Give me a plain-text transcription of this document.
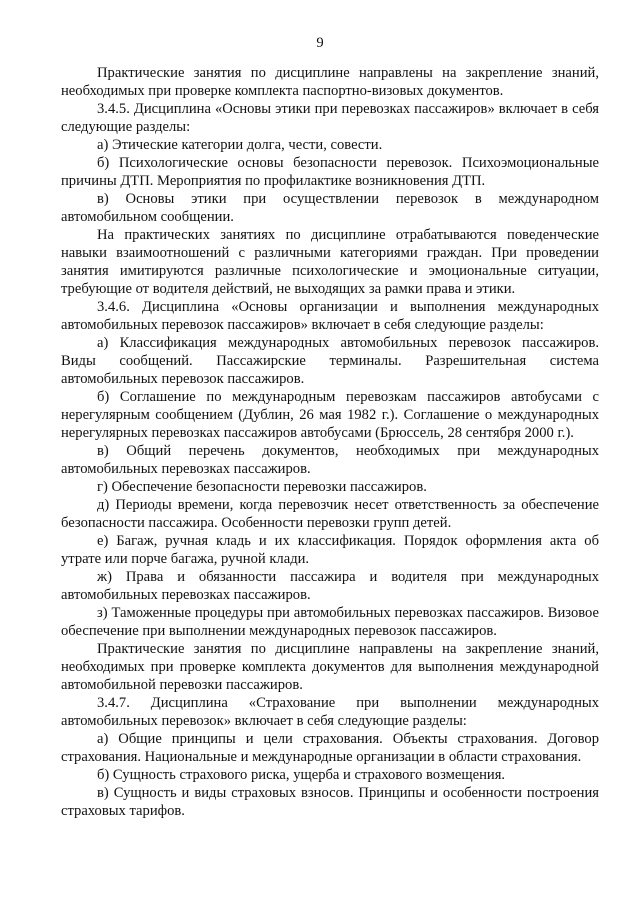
9

Практические занятия по дисциплине направлены на закрепление знаний, необходимых при проверке комплекта паспортно-визовых документов.

3.4.5. Дисциплина «Основы этики при перевозках пассажиров» включает в себя следующие разделы:

а) Этические категории долга, чести, совести.

б) Психологические основы безопасности перевозок. Психоэмоциональные причины ДТП. Мероприятия по профилактике возникновения ДТП.

в) Основы этики при осуществлении перевозок в международном автомобильном сообщении.

На практических занятиях по дисциплине отрабатываются поведенческие навыки взаимоотношений с различными категориями граждан. При проведении занятия имитируются различные психологические и эмоциональные ситуации, требующие от водителя действий, не выходящих за рамки права и этики.

3.4.6. Дисциплина «Основы организации и выполнения международных автомобильных перевозок пассажиров» включает в себя следующие разделы:

а) Классификация международных автомобильных перевозок пассажиров. Виды сообщений. Пассажирские терминалы. Разрешительная система автомобильных перевозок пассажиров.

б) Соглашение по международным перевозкам пассажиров автобусами с нерегулярным сообщением (Дублин, 26 мая 1982 г.). Соглашение о международных нерегулярных перевозках пассажиров автобусами (Брюссель, 28 сентября 2000 г.).

в) Общий перечень документов, необходимых при международных автомобильных перевозках пассажиров.

г) Обеспечение безопасности перевозки пассажиров.

д) Периоды времени, когда перевозчик несет ответственность за обеспечение безопасности пассажира. Особенности перевозки групп детей.

е) Багаж, ручная кладь и их классификация. Порядок оформления акта об утрате или порче багажа, ручной клади.

ж) Права и обязанности пассажира и водителя при международных автомобильных перевозках пассажиров.

з) Таможенные процедуры при автомобильных перевозках пассажиров. Визовое обеспечение при выполнении международных перевозок пассажиров.

Практические занятия по дисциплине направлены на закрепление знаний, необходимых при проверке комплекта документов для выполнения международной автомобильной перевозки пассажиров.

3.4.7. Дисциплина «Страхование при выполнении международных автомобильных перевозок» включает в себя следующие разделы:

а) Общие принципы и цели страхования. Объекты страхования. Договор страхования. Национальные и международные организации в области страхования.

б) Сущность страхового риска, ущерба и страхового возмещения.

в) Сущность и виды страховых взносов. Принципы и особенности построения страховых тарифов.
